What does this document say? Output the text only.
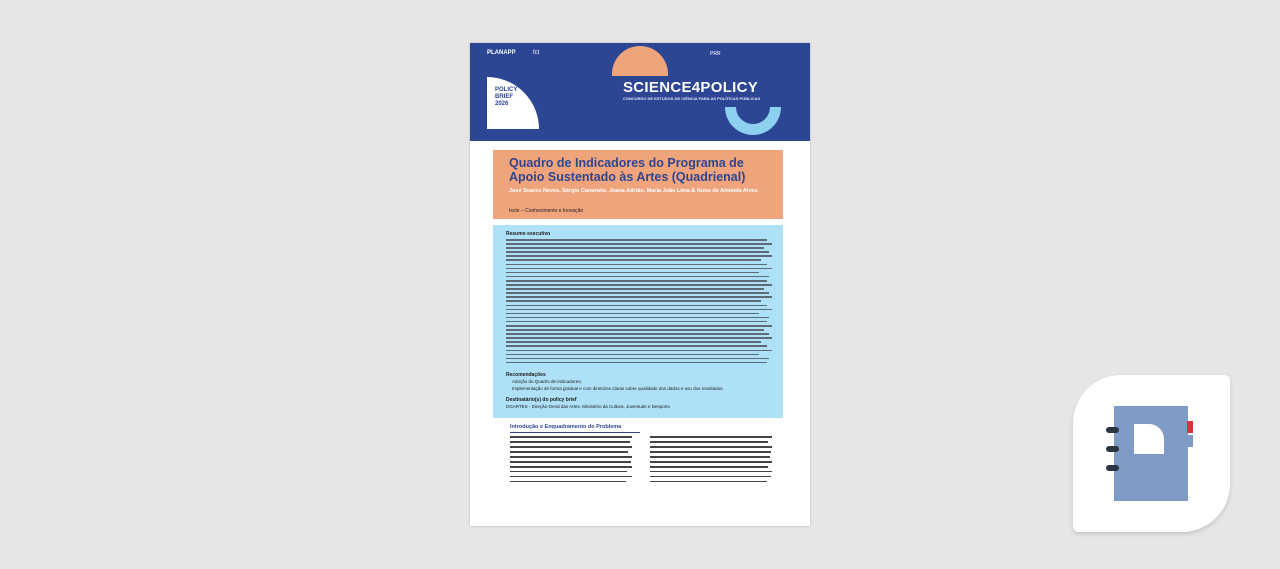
PLANAPP	fct	PRR
POLICY
BRIEF
2026
SCIENCE4POLICY
CONCURSO DE ESTUDOS DE CIÊNCIA PARA AS POLÍTICAS PÚBLICAS
Quadro de Indicadores do Programa de Apoio Sustentado às Artes (Quadrienal)
José Soares Neves, Sérgio Caramelo, Joana Adrião, Maria João Lima & Nuno de Almeida Alves
Iscte – Conhecimento e Inovação
Resumo executivo
Recomendações
Adoção do Quadro de Indicadores;
Implementação de forma gradual e com diretrizes claras sobre qualidade dos dados e uso dos resultados.
Destinatário(s) do policy brief
DGARTES - Direção-Geral das Artes, Ministério da Cultura, Juventude e Desporto
Introdução e Enquadramento do Problema
